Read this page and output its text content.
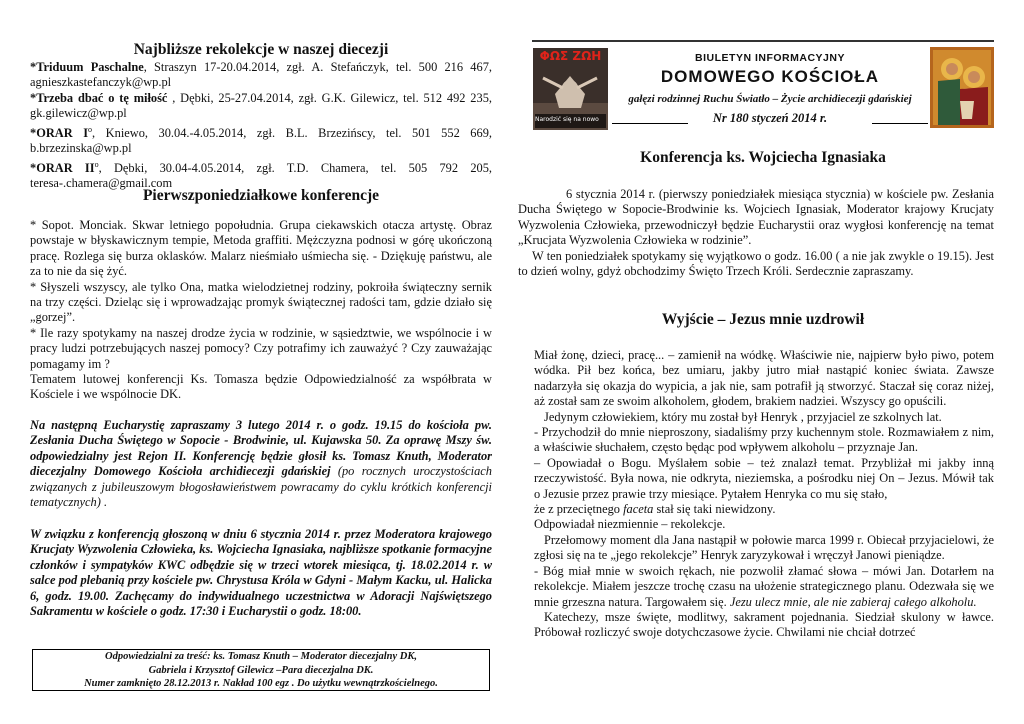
Najbliższe rekolekcje w naszej diecezji

*Triduum Paschalne, Straszyn 17-20.04.2014, zgł. A. Stefańczyk, tel. 500 216 467, agnieszkastefanczyk@wp.pl

*Trzeba dbać o tę miłość , Dębki, 25-27.04.2014, zgł. G.K. Gilewicz, tel. 512 492 235, gk.gilewicz@wp.pl

*ORAR $I^o$, Kniewo, 30.04.-4.05.2014, zgł. B.L. Brzezińscy, tel. 501 552 669, b.brzezinska@wp.pl

*ORAR $II^o$, Dębki, 30.04-4.05.2014, zgł. T.D. Chamera, tel. 505 792 205, teresa-.chamera@gmail.com

Pierwszponiedziałkowe konferencje

* Sopot. Monciak. Skwar letniego popołudnia. Grupa ciekawskich otacza artystę. Obraz powstaje w błyskawicznym tempie, Metoda graffiti. Mężczyzna podnosi w górę ukończoną pracę. Rozlega się burza oklasków. Malarz nieśmiało uśmiecha się. - Dziękuję państwu, ale za to nie da się żyć.

* Słyszeli wszyscy, ale tylko Ona, matka wielodzietnej rodziny, pokroiła świąteczny sernik na trzy części. Dzieląc się i wprowadzając promyk świątecznej radości tam, gdzie działo się „gorzej”.

* Ile razy spotykamy na naszej drodze życia w rodzinie, w sąsiedztwie, we wspólnocie i w pracy ludzi potrzebujących naszej pomocy? Czy potrafimy ich zauważyć ? Czy zauważając pomagamy im ?

Tematem lutowej konferencji Ks. Tomasza będzie Odpowiedzialność za współbrata w Kościele i we wspólnocie DK.

Na następną Eucharystię zapraszamy 3 lutego 2014 r. o godz. 19.15 do kościoła pw. Zesłania Ducha Świętego w Sopocie - Brodwinie, ul. Kujawska 50. Za oprawę Mszy św. odpowiedzialny jest Rejon II. Konferencję będzie głosił ks. Tomasz Knuth, Moderator diecezjalny Domowego Kościoła archidiecezji gdańskiej (po rocznych uroczystościach związanych z jubileuszowym błogosławieństwem powracamy do cyklu krótkich konferencji tematycznych) .

W związku z konferencją głoszoną w dniu 6 stycznia 2014 r. przez Moderatora krajowego Krucjaty Wyzwolenia Człowieka, ks. Wojciecha Ignasiaka, najbliższe spotkanie formacyjne członków i sympatyków KWC odbędzie się w trzeci wtorek miesiąca, tj. 18.02.2014 r. w salce pod plebanią przy kościele pw. Chrystusa Króla w Gdyni - Małym Kacku, ul. Halicka 6, godz. 19.00. Zachęcamy do indywidualnego uczestnictwa w Adoracji Najświętszego Sakramentu w kościele o godz. 17:30 i Eucharystii o godz. 18:00.

Odpowiedzialni za treść: ks. Tomasz Knuth – Moderator diecezjalny DK,
Gabriela i Krzysztof Gilewicz –Para diecezjalna DK.
Numer zamknięto 28.12.2013 r. Nakład 100 egz . Do użytku wewnątrzkościelnego.
ΦΩΣ ΖΩΗ
Narodzić się na nowo
BIULETYN INFORMACYJNY
DOMOWEGO KOŚCIOŁA
gałęzi rodzinnej Ruchu Światło – Życie archidiecezji gdańskiej
Nr 180 styczeń 2014 r.
Konferencja ks. Wojciecha Ignasiaka

6 stycznia 2014 r. (pierwszy poniedziałek miesiąca stycznia) w kościele pw. Zesłania Ducha Świętego w Sopocie-Brodwinie ks. Wojciech Ignasiak, Moderator krajowy Krucjaty Wyzwolenia Człowieka, przewodniczył będzie Eucharystii oraz wygłosi konferencję na temat „Krucjata Wyzwolenia Człowieka w rodzinie”.

W ten poniedziałek spotykamy się wyjątkowo o godz. 16.00 ( a nie jak zwykle o 19.15). Jest to dzień wolny, gdyż obchodzimy Święto Trzech Króli. Serdecznie zapraszamy.

Wyjście – Jezus mnie uzdrowił

Miał żonę, dzieci, pracę... – zamienił na wódkę. Właściwie nie, najpierw było piwo, potem wódka. Pił bez końca, bez umiaru, jakby jutro miał nastąpić koniec świata. Zawsze nadarzyła się okazja do wypicia, a jak nie, sam potrafił ją stworzyć. Staczał się coraz niżej, aż został sam ze swoim alkoholem, głodem, brakiem nadziei. Wszyscy go opuścili.

Jedynym człowiekiem, który mu został był Henryk , przyjaciel ze szkolnych lat.

- Przychodził do mnie nieproszony, siadaliśmy przy kuchennym stole. Rozmawiałem z nim, a właściwie słuchałem, często będąc pod wpływem alkoholu – przyznaje Jan.

– Opowiadał o Bogu. Myślałem sobie – też znalazł temat. Przybliżał mi jakby inną rzeczywistość. Była nowa, nie odkryta, nieziemska, a pośrodku niej On – Jezus. Mówił tak o Jezusie przez prawie trzy miesiące. Pytałem Henryka co mu się stało,

że z przeciętnego faceta stał się taki niewidzony.

Odpowiadał niezmiennie – rekolekcje.

Przełomowy moment dla Jana nastąpił w połowie marca 1999 r. Obiecał przyjacielowi, że zgłosi się na te „jego rekolekcje” Henryk zaryzykował i wręczył Janowi pieniądze.

- Bóg miał mnie w swoich rękach, nie pozwolił złamać słowa – mówi Jan. Dotarłem na rekolekcje. Miałem jeszcze trochę czasu na ułożenie strategicznego planu. Odezwała się we mnie grzeszna natura. Targowałem się. Jezu ulecz mnie, ale nie zabieraj całego alkoholu.

Katechezy, msze święte, modlitwy, sakrament pojednania. Siedział skulony w ławce. Próbował rozliczyć swoje dotychczasowe życie. Chwilami nie chciał dotrzeć
